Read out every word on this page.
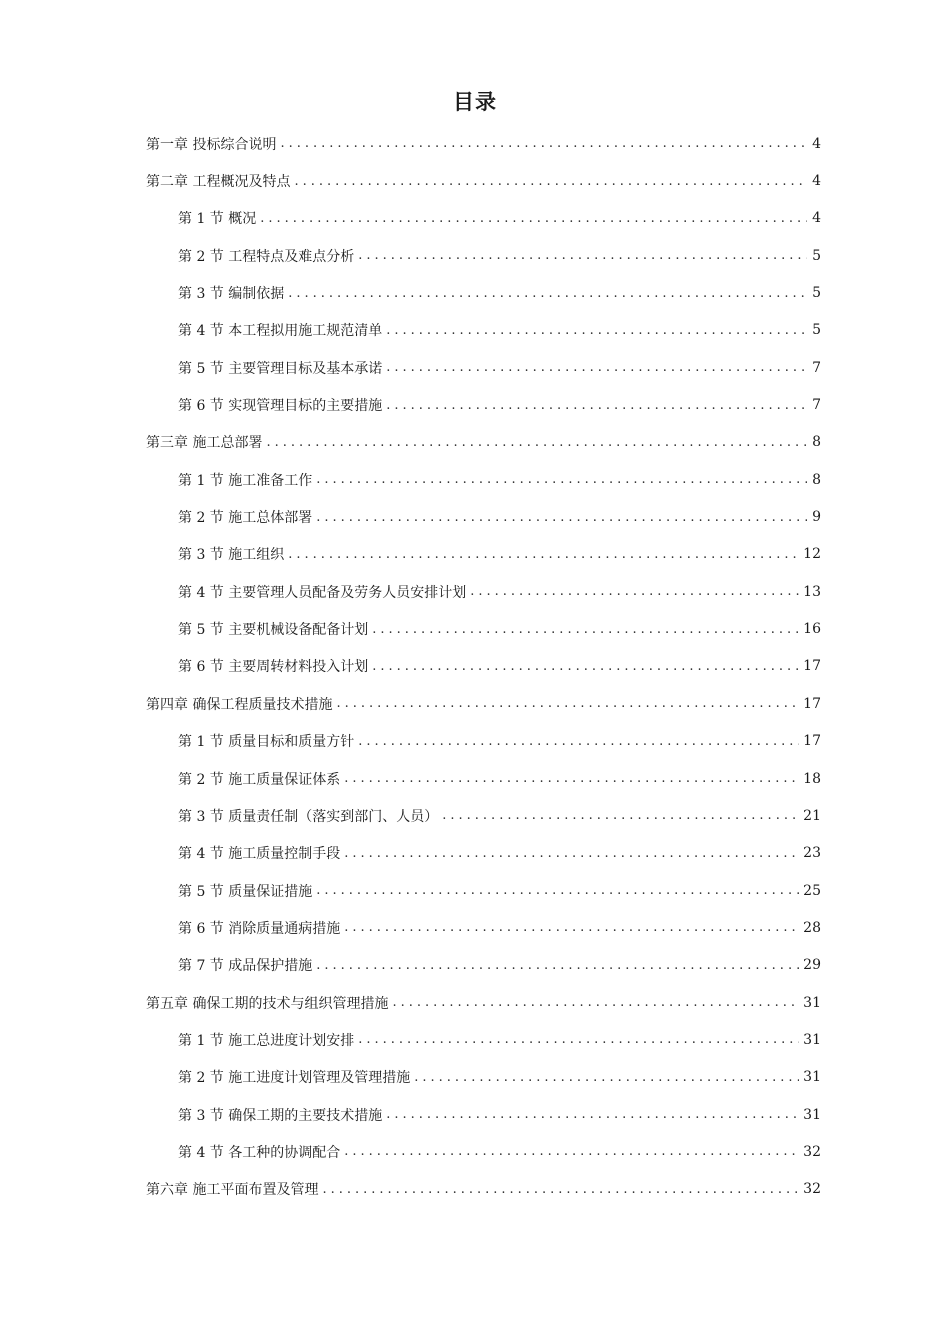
目录
第一章 投标综合说明 .....	4
第二章 工程概况及特点 .....	4
第 1 节 概况 .....	4
第 2 节 工程特点及难点分析 .....	5
第 3 节 编制依据 .....	5
第 4 节 本工程拟用施工规范清单 .....	5
第 5 节 主要管理目标及基本承诺 .....	7
第 6 节 实现管理目标的主要措施 .....	7
第三章 施工总部署 .....	8
第 1 节 施工准备工作 .....	8
第 2 节 施工总体部署 .....	9
第 3 节 施工组织 .....	12
第 4 节 主要管理人员配备及劳务人员安排计划 .....	13
第 5 节 主要机械设备配备计划 .....	16
第 6 节 主要周转材料投入计划 .....	17
第四章 确保工程质量技术措施 .....	17
第 1 节 质量目标和质量方针 .....	17
第 2 节 施工质量保证体系 .....	18
第 3 节 质量责任制（落实到部门、人员） .....	21
第 4 节 施工质量控制手段 .....	23
第 5 节 质量保证措施 .....	25
第 6 节 消除质量通病措施 .....	28
第 7 节 成品保护措施 .....	29
第五章 确保工期的技术与组织管理措施 .....	31
第 1 节 施工总进度计划安排 .....	31
第 2 节 施工进度计划管理及管理措施 .....	31
第 3 节 确保工期的主要技术措施 .....	31
第 4 节 各工种的协调配合 .....	32
第六章 施工平面布置及管理 .....	32
